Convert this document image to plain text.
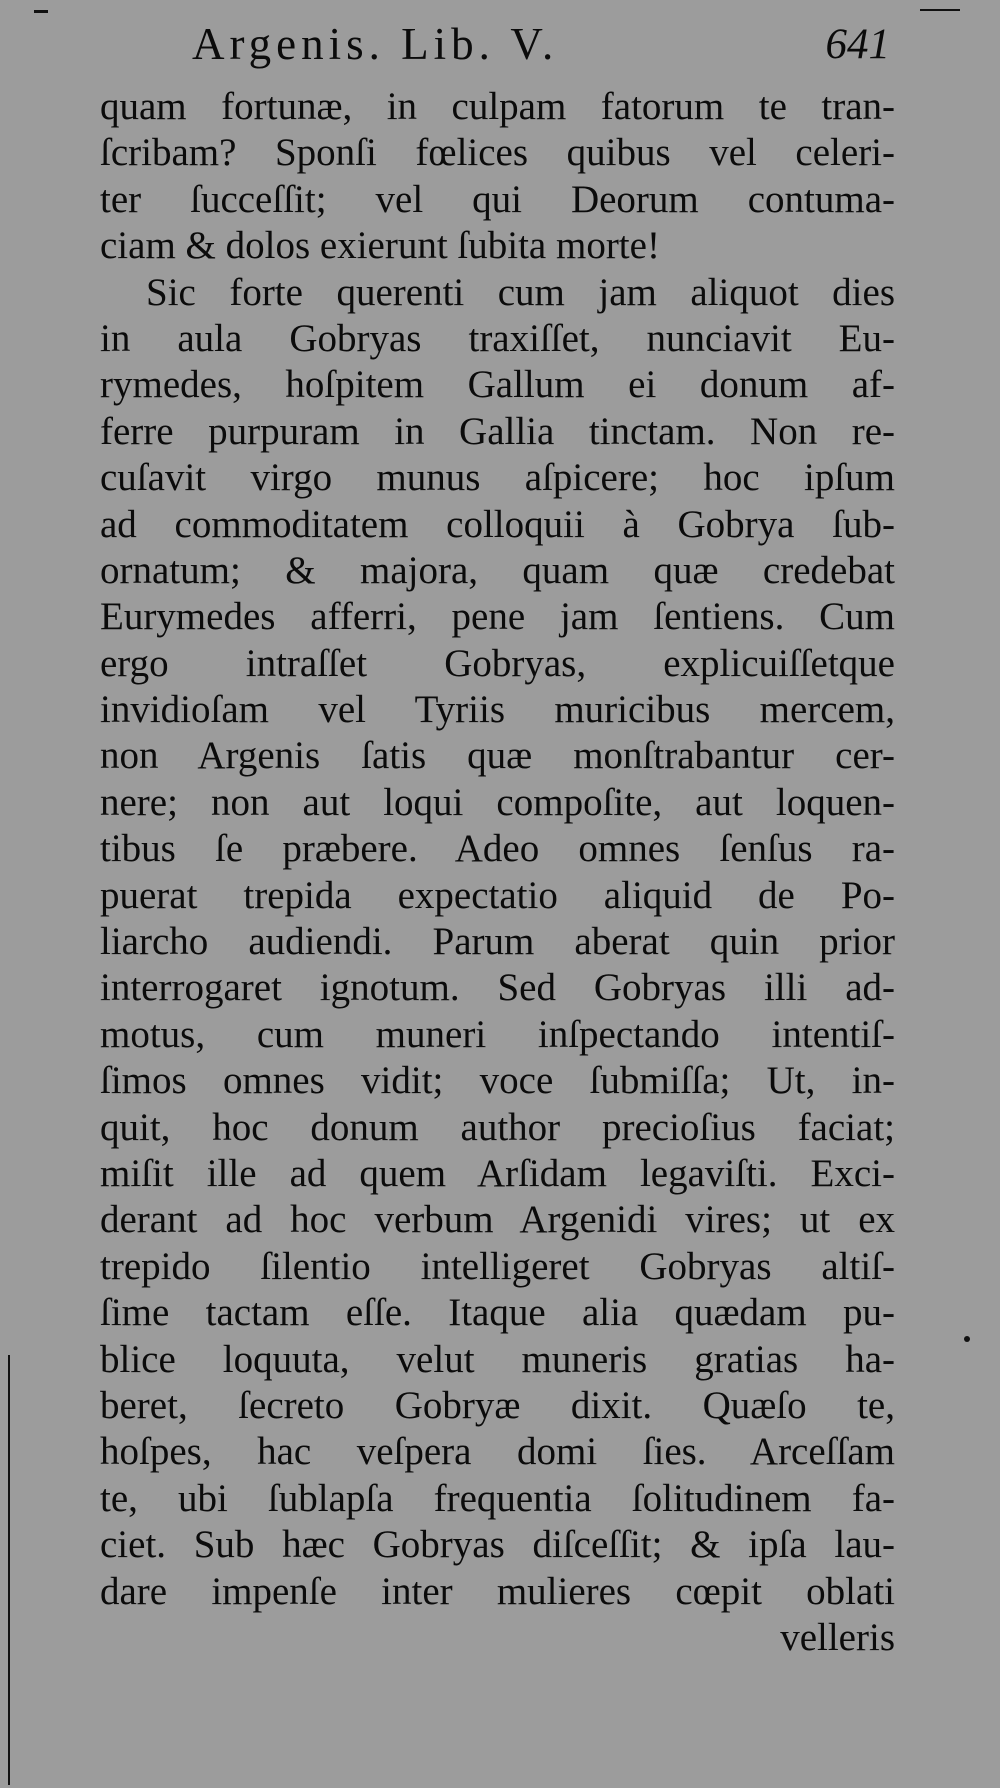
Argenis. Lib. V.	641
quam fortunæ, in culpam fatorum te tran-
ſcribam? Sponſi fœlices quibus vel celeri-
ter ſucceſſit; vel qui Deorum contuma-
ciam & dolos exierunt ſubita morte!
Sic forte querenti cum jam aliquot dies
in aula Gobryas traxiſſet, nunciavit Eu-
rymedes, hoſpitem Gallum ei donum af-
ferre purpuram in Gallia tinctam. Non re-
cuſavit virgo munus aſpicere; hoc ipſum
ad commoditatem colloquii à Gobrya ſub-
ornatum; & majora, quam quæ credebat
Eurymedes afferri, pene jam ſentiens. Cum
ergo intraſſet Gobryas, explicuiſſetque
invidioſam vel Tyriis muricibus mercem,
non Argenis ſatis quæ monſtrabantur cer-
nere; non aut loqui compoſite, aut loquen-
tibus ſe præbere. Adeo omnes ſenſus ra-
puerat trepida expectatio aliquid de Po-
liarcho audiendi. Parum aberat quin prior
interrogaret ignotum. Sed Gobryas illi ad-
motus, cum muneri inſpectando intentiſ-
ſimos omnes vidit; voce ſubmiſſa; Ut, in-
quit, hoc donum author precioſius faciat;
miſit ille ad quem Arſidam legaviſti. Exci-
derant ad hoc verbum Argenidi vires; ut ex
trepido ſilentio intelligeret Gobryas altiſ-
ſime tactam eſſe. Itaque alia quædam pu-
blice loquuta, velut muneris gratias ha-
beret, ſecreto Gobryæ dixit. Quæſo te,
hoſpes, hac veſpera domi ſies. Arceſſam
te, ubi ſublapſa frequentia ſolitudinem fa-
ciet. Sub hæc Gobryas diſceſſit; & ipſa lau-
dare impenſe inter mulieres cœpit oblati
velleris
